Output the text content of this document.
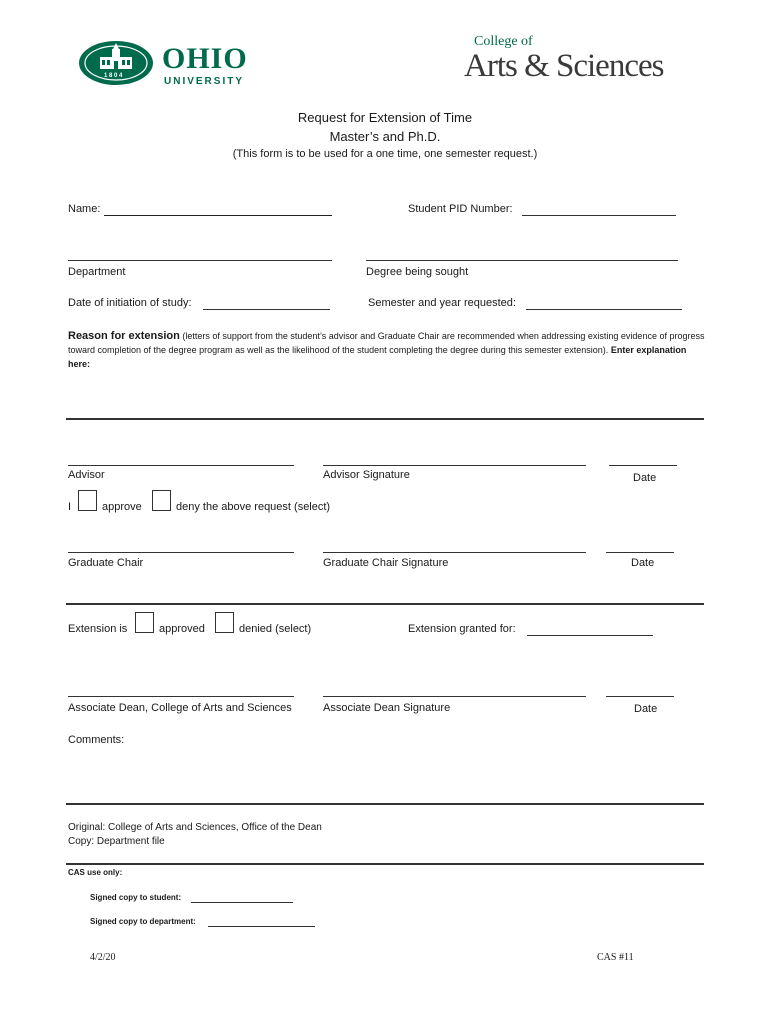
1 8 0 4
OHIO
UNIVERSITY
College of
Arts & Sciences
Request for Extension of Time
Master’s and Ph.D.
(This form is to be used for a one time, one semester request.)
Name:	Student PID Number:
Department	Degree being sought
Date of initiation of study:	Semester and year requested:
Reason for extension (letters of support from the student’s advisor and Graduate Chair are recommended when addressing existing evidence of progress toward completion of the degree program as well as the likelihood of the student completing the degree during this semester extension). Enter explanation here:
Advisor	Advisor Signature	Date
I	approve	deny the above request (select)
Graduate Chair	Graduate Chair Signature	Date
Extension is	approved	denied (select)	Extension granted for:
Associate Dean, College of Arts and Sciences	Associate Dean Signature	Date
Comments:
Original: College of Arts and Sciences, Office of the Dean
Copy: Department file
CAS use only:
Signed copy to student:
Signed copy to department:
4/2/20	CAS #11
